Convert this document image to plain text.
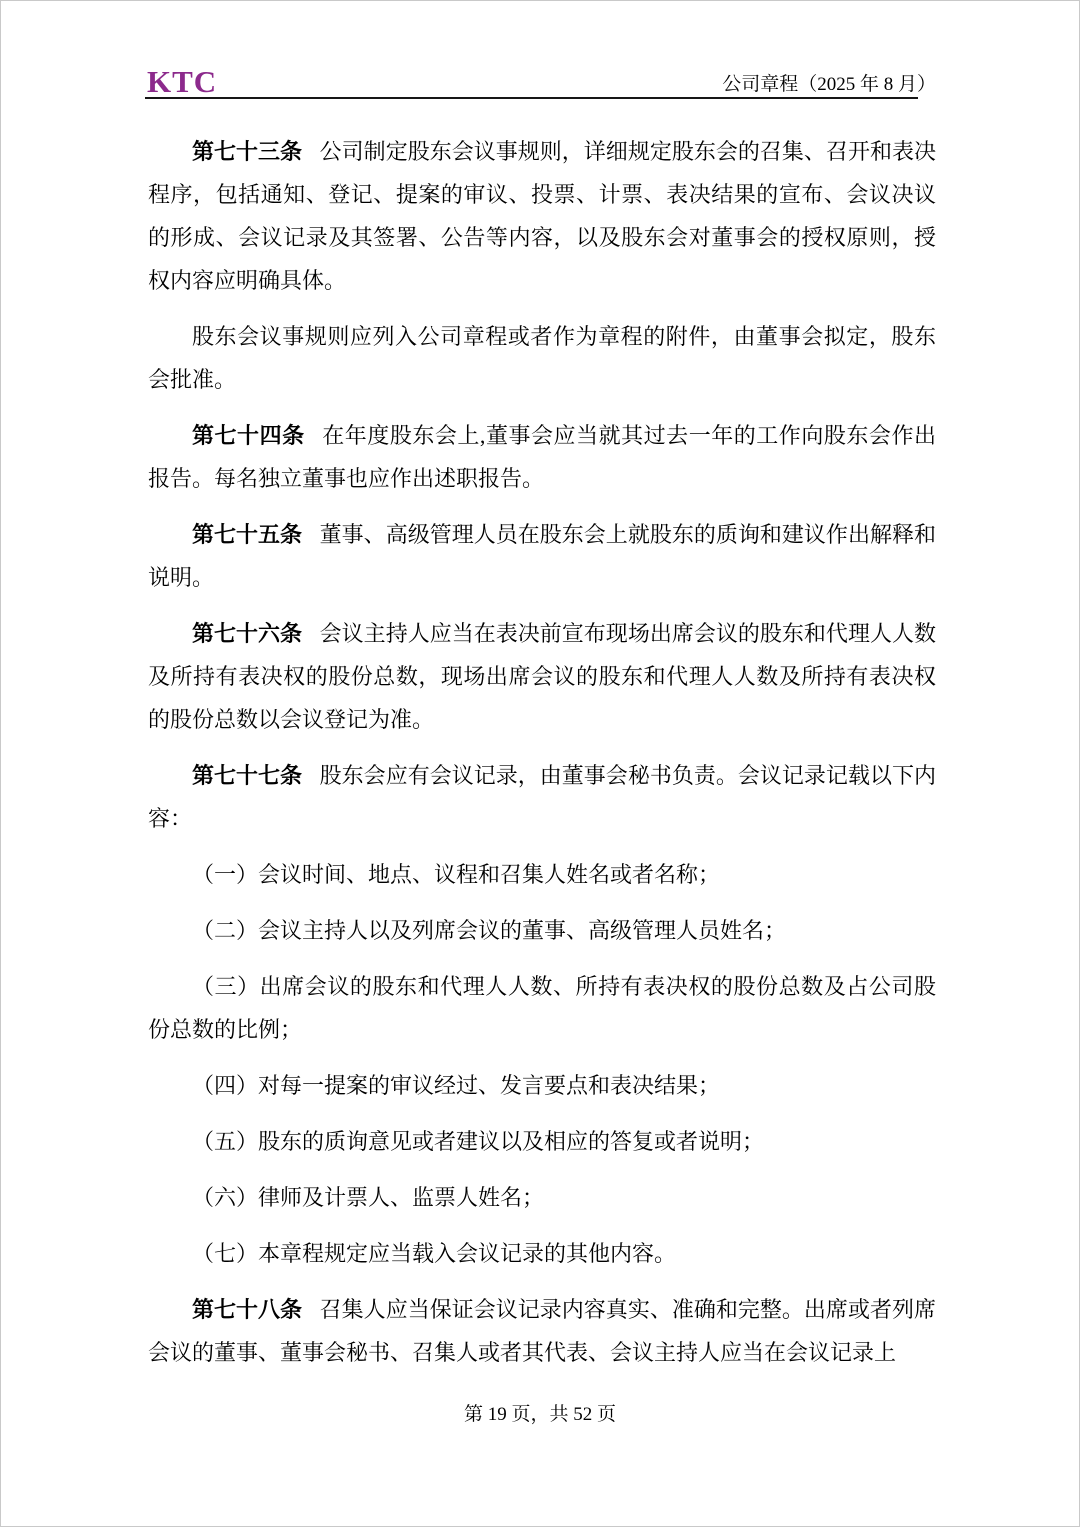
KTC	公司章程（2025 年 8 月）

第七十三条 公司制定股东会议事规则，详细规定股东会的召集、召开和表决程序，包括通知、登记、提案的审议、投票、计票、表决结果的宣布、会议决议的形成、会议记录及其签署、公告等内容，以及股东会对董事会的授权原则，授权内容应明确具体。

股东会议事规则应列入公司章程或者作为章程的附件，由董事会拟定，股东会批准。

第七十四条 在年度股东会上,董事会应当就其过去一年的工作向股东会作出报告。每名独立董事也应作出述职报告。

第七十五条 董事、高级管理人员在股东会上就股东的质询和建议作出解释和说明。

第七十六条 会议主持人应当在表决前宣布现场出席会议的股东和代理人人数及所持有表决权的股份总数，现场出席会议的股东和代理人人数及所持有表决权的股份总数以会议登记为准。

第七十七条 股东会应有会议记录，由董事会秘书负责。会议记录记载以下内容：

（一）会议时间、地点、议程和召集人姓名或者名称；

（二）会议主持人以及列席会议的董事、高级管理人员姓名；

（三）出席会议的股东和代理人人数、所持有表决权的股份总数及占公司股份总数的比例；

（四）对每一提案的审议经过、发言要点和表决结果；

（五）股东的质询意见或者建议以及相应的答复或者说明；

（六）律师及计票人、监票人姓名；

（七）本章程规定应当载入会议记录的其他内容。

第七十八条 召集人应当保证会议记录内容真实、准确和完整。出席或者列席会议的董事、董事会秘书、召集人或者其代表、会议主持人应当在会议记录上

第 19 页，共 52 页
